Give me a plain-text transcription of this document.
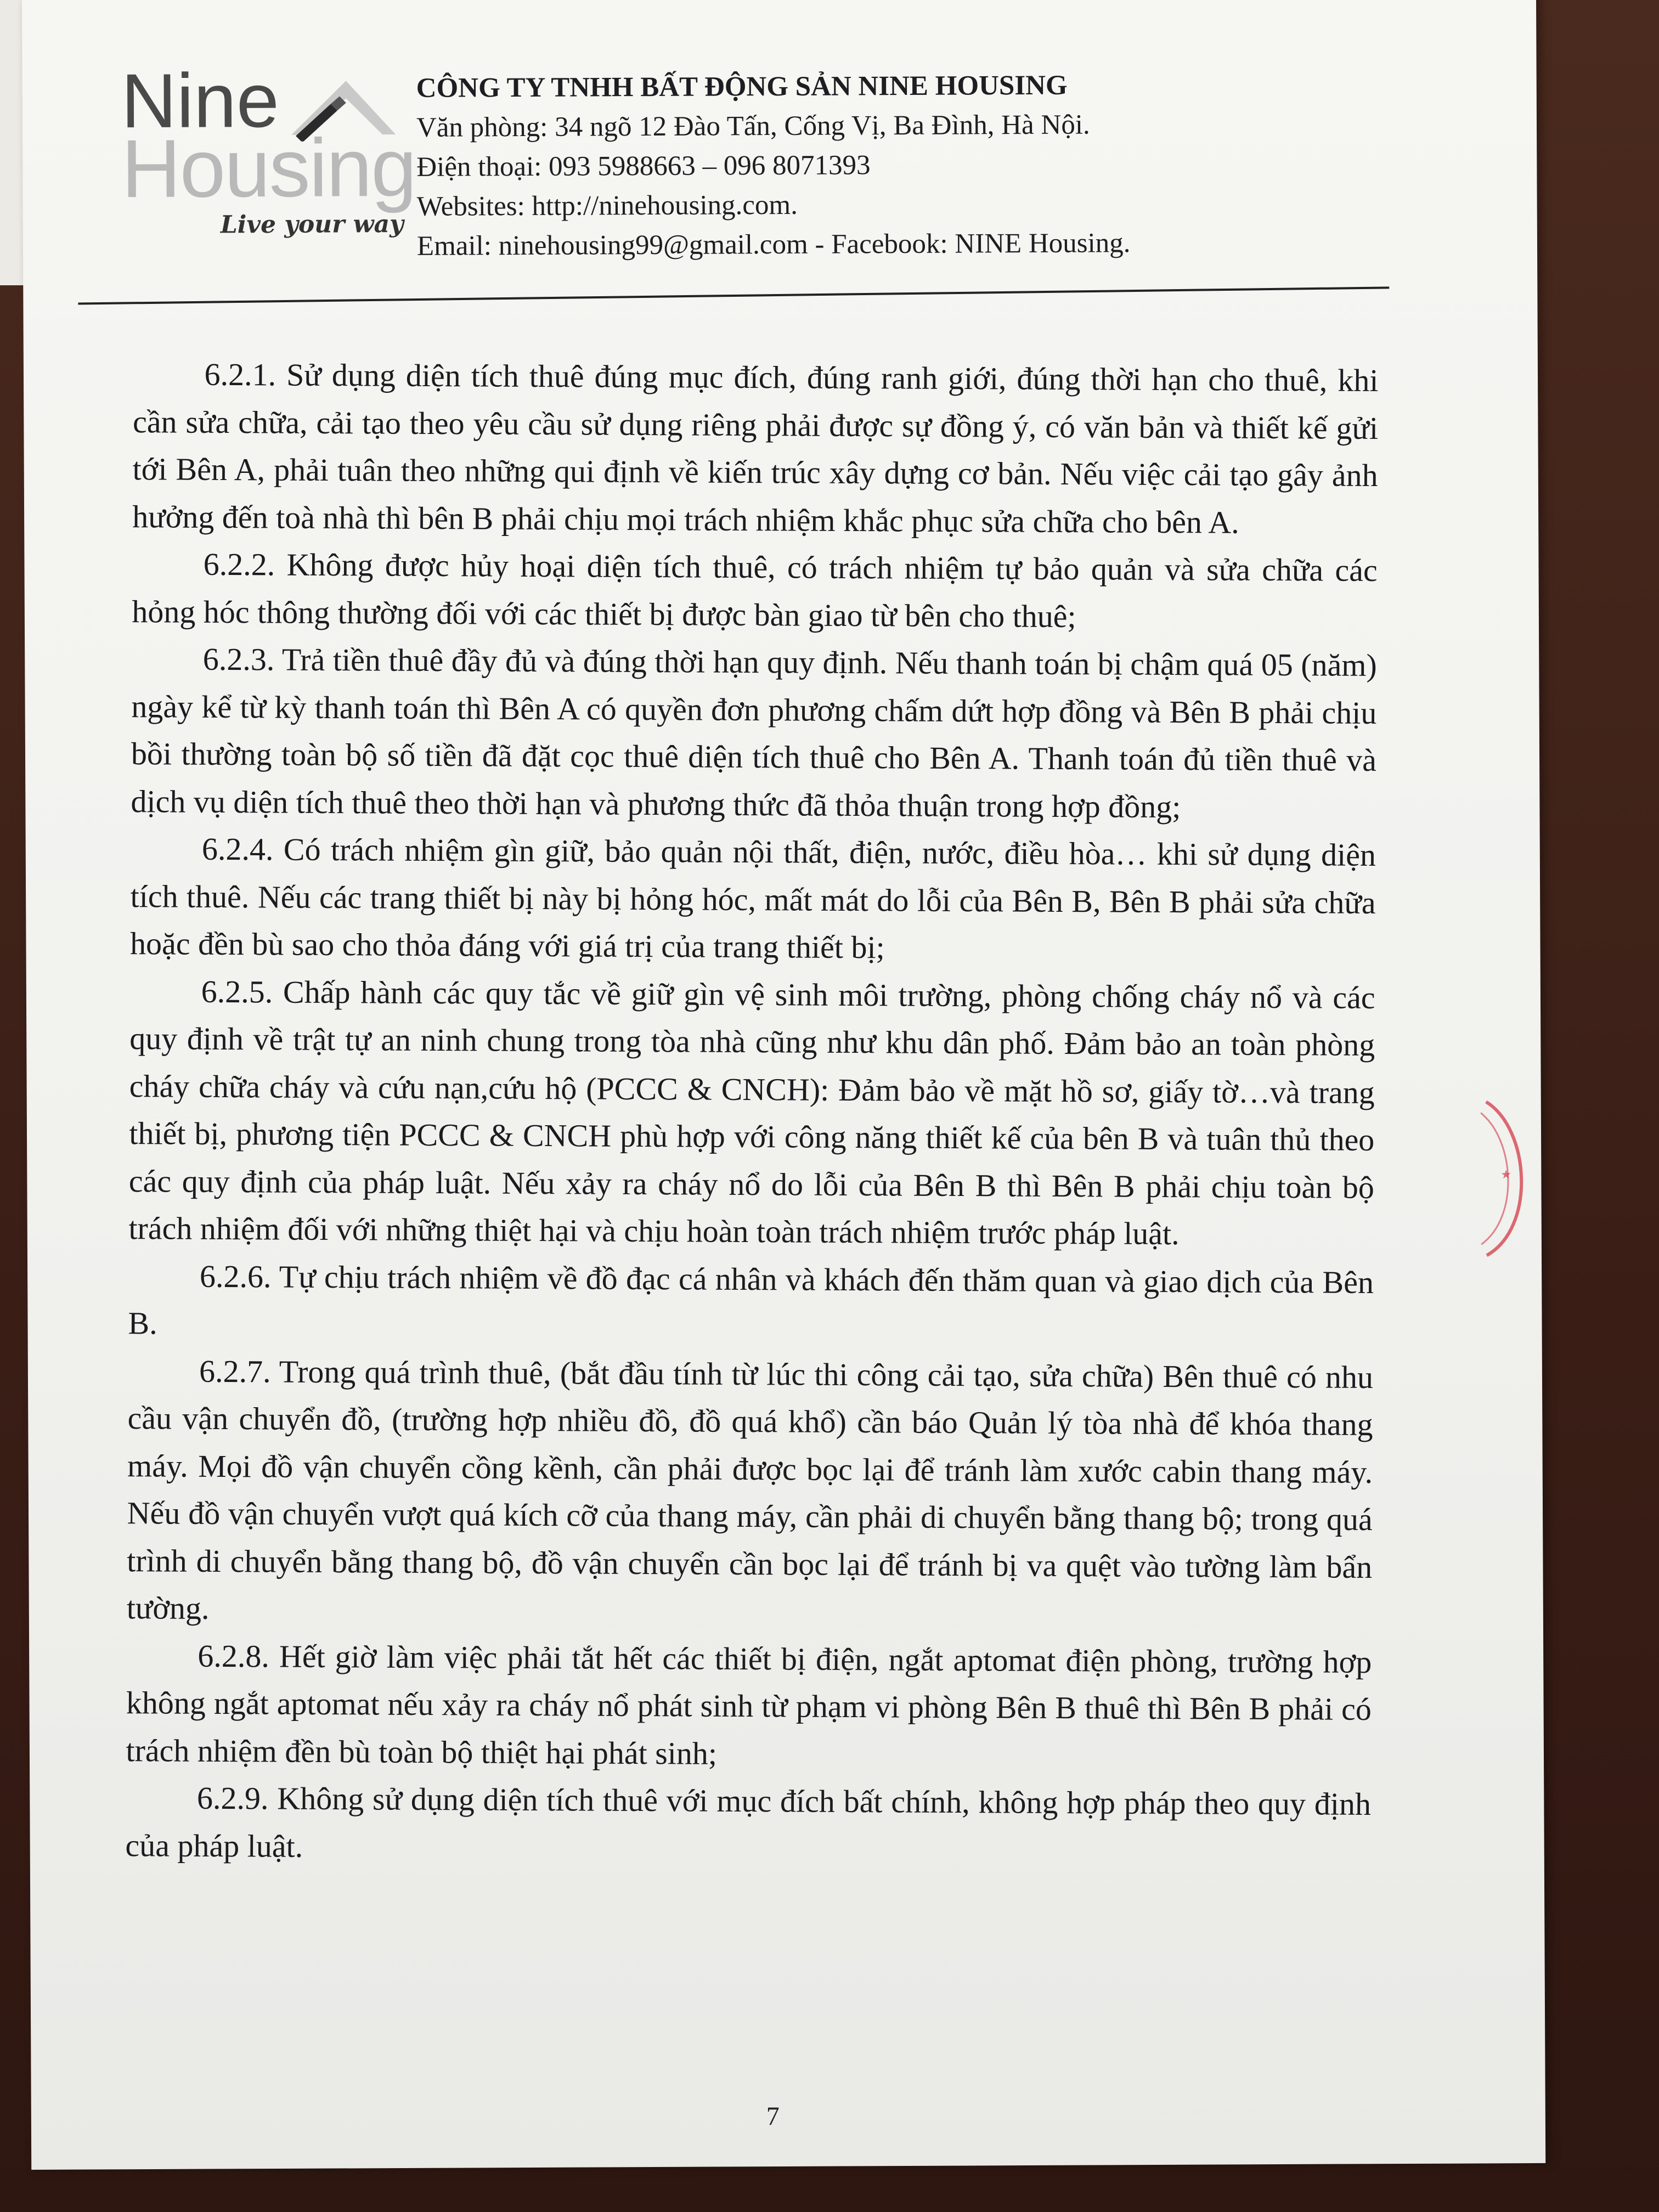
Nine
Housing
Live your way
CÔNG TY TNHH BẤT ĐỘNG SẢN NINE HOUSING
Văn phòng: 34 ngõ 12 Đào Tấn, Cống Vị, Ba Đình, Hà Nội.
Điện thoại: 093 5988663 – 096 8071393
Websites: http://ninehousing.com.
Email: ninehousing99@gmail.com - Facebook: NINE Housing.

6.2.1. Sử dụng diện tích thuê đúng mục đích, đúng ranh giới, đúng thời hạn cho thuê, khi cần sửa chữa, cải tạo theo yêu cầu sử dụng riêng phải được sự đồng ý, có văn bản và thiết kế gửi tới Bên A, phải tuân theo những qui định về kiến trúc xây dựng cơ bản. Nếu việc cải tạo gây ảnh hưởng đến toà nhà thì bên B phải chịu mọi trách nhiệm khắc phục sửa chữa cho bên A.

6.2.2. Không được hủy hoại diện tích thuê, có trách nhiệm tự bảo quản và sửa chữa các hỏng hóc thông thường đối với các thiết bị được bàn giao từ bên cho thuê;

6.2.3. Trả tiền thuê đầy đủ và đúng thời hạn quy định. Nếu thanh toán bị chậm quá 05 (năm) ngày kể từ kỳ thanh toán thì Bên A có quyền đơn phương chấm dứt hợp đồng và Bên B phải chịu bồi thường toàn bộ số tiền đã đặt cọc thuê diện tích thuê cho Bên A. Thanh toán đủ tiền thuê và dịch vụ diện tích thuê theo thời hạn và phương thức đã thỏa thuận trong hợp đồng;

6.2.4. Có trách nhiệm gìn giữ, bảo quản nội thất, điện, nước, điều hòa… khi sử dụng diện tích thuê. Nếu các trang thiết bị này bị hỏng hóc, mất mát do lỗi của Bên B, Bên B phải sửa chữa hoặc đền bù sao cho thỏa đáng với giá trị của trang thiết bị;

6.2.5. Chấp hành các quy tắc về giữ gìn vệ sinh môi trường, phòng chống cháy nổ và các quy định về trật tự an ninh chung trong tòa nhà cũng như khu dân phố. Đảm bảo an toàn phòng cháy chữa cháy và cứu nạn,cứu hộ (PCCC & CNCH): Đảm bảo về mặt hồ sơ, giấy tờ…và trang thiết bị, phương tiện PCCC & CNCH phù hợp với công năng thiết kế của bên B và tuân thủ theo các quy định của pháp luật. Nếu xảy ra cháy nổ do lỗi của Bên B thì Bên B phải chịu toàn bộ trách nhiệm đối với những thiệt hại và chịu hoàn toàn trách nhiệm trước pháp luật.

6.2.6. Tự chịu trách nhiệm về đồ đạc cá nhân và khách đến thăm quan và giao dịch của Bên B.

6.2.7. Trong quá trình thuê, (bắt đầu tính từ lúc thi công cải tạo, sửa chữa) Bên thuê có nhu cầu vận chuyển đồ, (trường hợp nhiều đồ, đồ quá khổ) cần báo Quản lý tòa nhà để khóa thang máy. Mọi đồ vận chuyển cồng kềnh, cần phải được bọc lại để tránh làm xước cabin thang máy. Nếu đồ vận chuyển vượt quá kích cỡ của thang máy, cần phải di chuyển bằng thang bộ; trong quá trình di chuyển bằng thang bộ, đồ vận chuyển cần bọc lại để tránh bị va quệt vào tường làm bẩn tường.

6.2.8. Hết giờ làm việc phải tắt hết các thiết bị điện, ngắt aptomat điện phòng, trường hợp không ngắt aptomat nếu xảy ra cháy nổ phát sinh từ phạm vi phòng Bên B thuê thì Bên B phải có trách nhiệm đền bù toàn bộ thiệt hại phát sinh;

6.2.9. Không sử dụng diện tích thuê với mục đích bất chính, không hợp pháp theo quy định của pháp luật.

★
7
